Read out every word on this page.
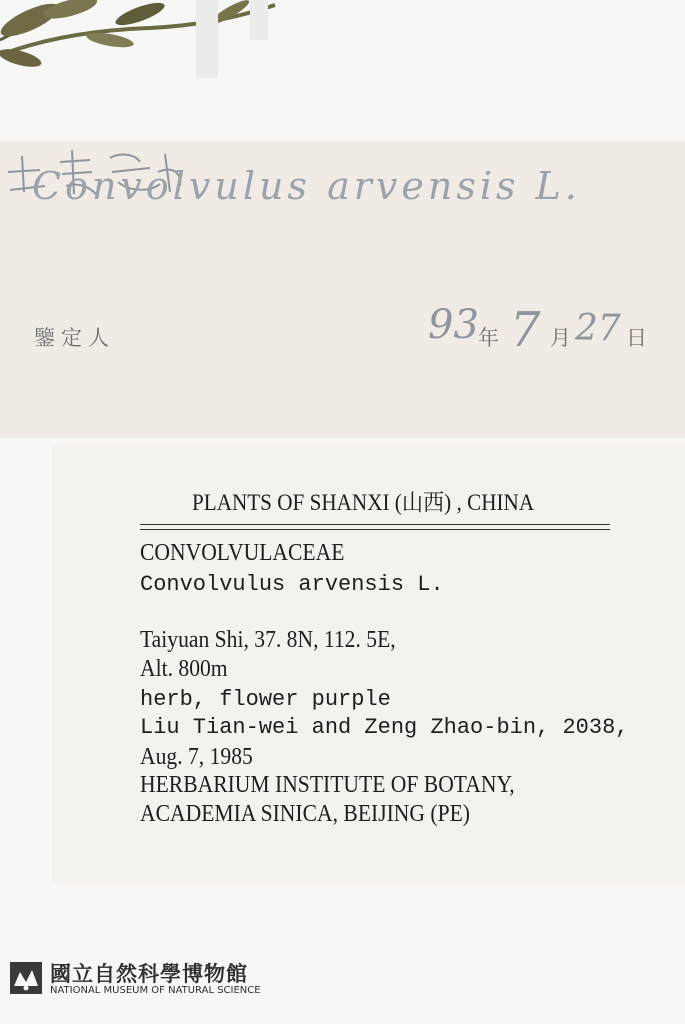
Convolvulus arvensis L.
鑒定人	93 年 7 月 27 日
PLANTS OF SHANXI (山西) , CHINA
CONVOLVULACEAE
Convolvulus arvensis L.
Taiyuan Shi, 37. 8N, 112. 5E,
Alt. 800m
herb, flower purple
Liu Tian-wei and Zeng Zhao-bin, 2038,
Aug. 7, 1985
HERBARIUM INSTITUTE OF BOTANY,
ACADEMIA SINICA, BEIJING (PE)
國立自然科學博物館
NATIONAL MUSEUM OF NATURAL SCIENCE
